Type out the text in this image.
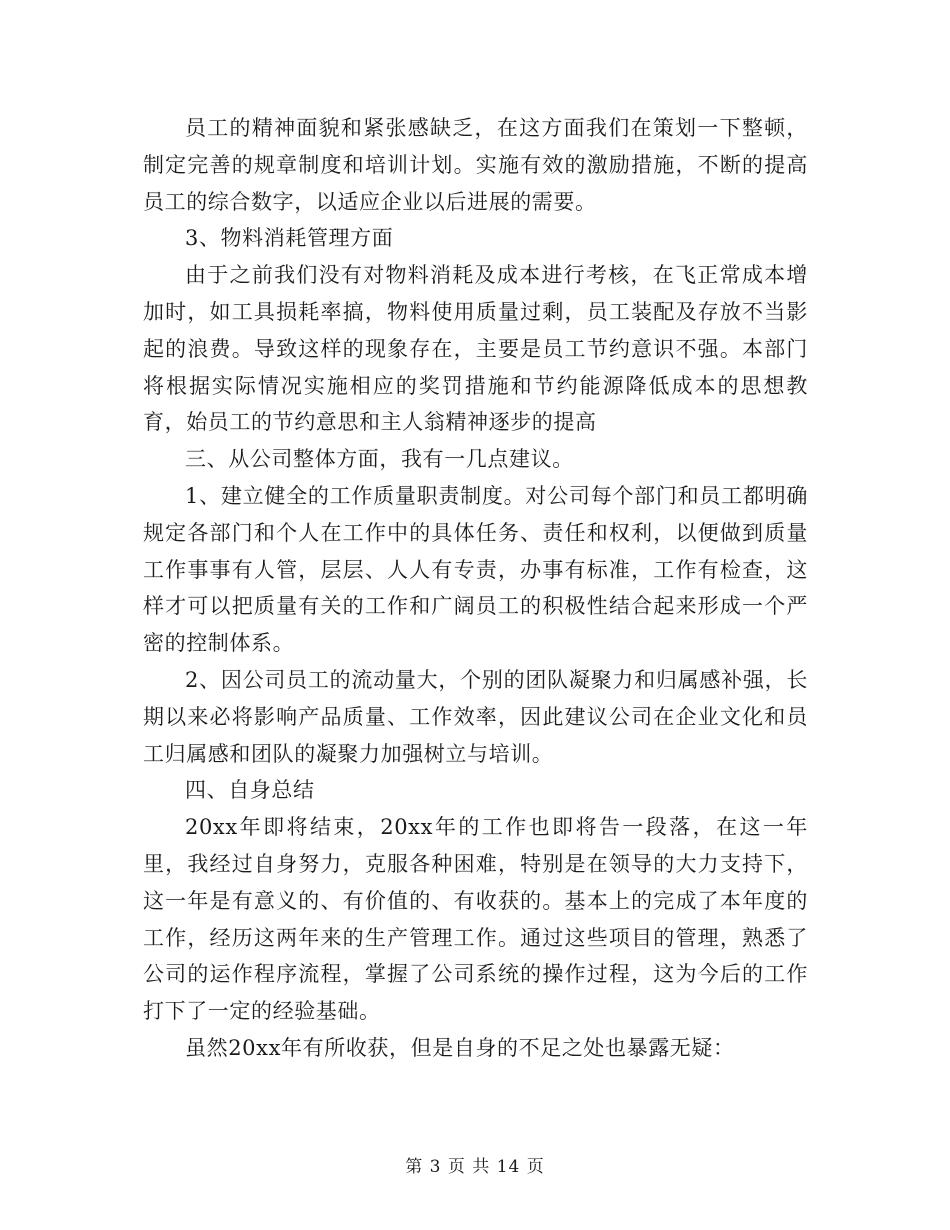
员工的精神面貌和紧张感缺乏，在这方面我们在策划一下整顿，制定完善的规章制度和培训计划。实施有效的激励措施，不断的提高员工的综合数字，以适应企业以后进展的需要。

3、物料消耗管理方面

由于之前我们没有对物料消耗及成本进行考核，在飞正常成本增加时，如工具损耗率搞，物料使用质量过剩，员工装配及存放不当影起的浪费。导致这样的现象存在，主要是员工节约意识不强。本部门将根据实际情况实施相应的奖罚措施和节约能源降低成本的思想教育，始员工的节约意思和主人翁精神逐步的提高

三、从公司整体方面，我有一几点建议。

1、建立健全的工作质量职责制度。对公司每个部门和员工都明确规定各部门和个人在工作中的具体任务、责任和权利，以便做到质量工作事事有人管，层层、人人有专责，办事有标准，工作有检查，这样才可以把质量有关的工作和广阔员工的积极性结合起来形成一个严密的控制体系。

2、因公司员工的流动量大，个别的团队凝聚力和归属感补强，长期以来必将影响产品质量、工作效率，因此建议公司在企业文化和员工归属感和团队的凝聚力加强树立与培训。

四、自身总结

20xx年即将结束，20xx年的工作也即将告一段落，在这一年里，我经过自身努力，克服各种困难，特别是在领导的大力支持下，这一年是有意义的、有价值的、有收获的。基本上的完成了本年度的工作，经历这两年来的生产管理工作。通过这些项目的管理，熟悉了公司的运作程序流程，掌握了公司系统的操作过程，这为今后的工作打下了一定的经验基础。

虽然20xx年有所收获，但是自身的不足之处也暴露无疑：

第 3 页 共 14 页
